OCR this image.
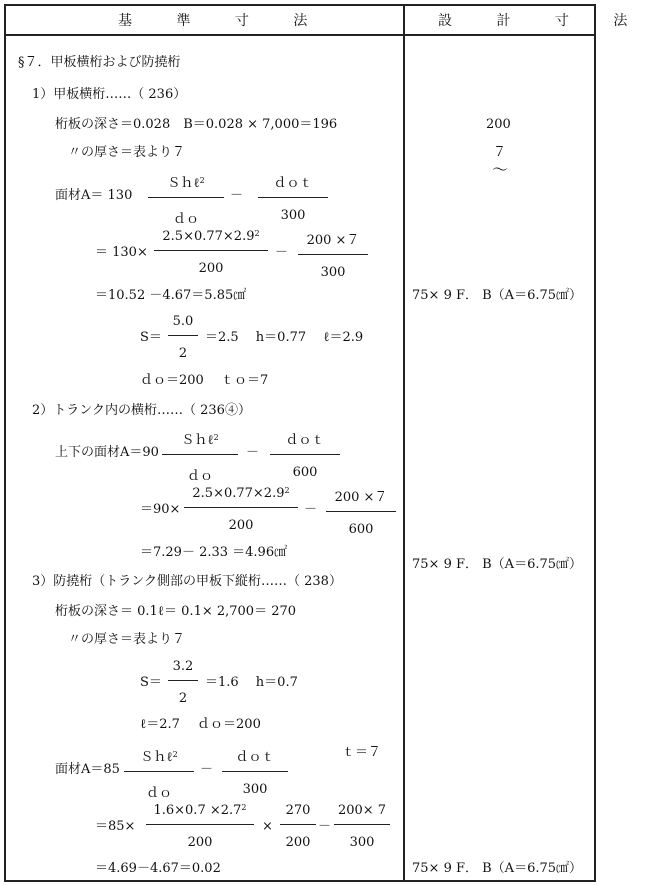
基 準 寸 法	設 計 寸 法
§７．甲板横桁および防撓桁
1）甲板横桁……（ 236）
桁板の深さ＝0.028　B＝0.028 × 7,000＝196
〃の厚さ＝表より７
面材A＝ 130
Ｓｈℓ$^2$
ｄｏ
－
ｄｏｔ
300
＝ 130×
$2.5\times 0.77\times 2.9^2$
200
－
200 ×７
300
＝10.52 －4.67＝5.85㎠
S＝
5.0
2
＝2.5　 h＝0.77　 ℓ＝2.9
ｄｏ＝200　 ｔｏ＝7
2）トランク内の横桁……（ 236④）
上下の面材A＝90
Ｓｈℓ$^2$
ｄｏ
－
ｄｏｔ
600
＝90×
$2.5\times 0.77\times 2.9^2$
200
－
200 ×７
600
＝7.29－ 2.33 ＝4.96㎠
3）防撓桁（トランク側部の甲板下縦桁……（ 238）
桁板の深さ＝ 0.1ℓ＝ 0.1× 2,700＝ 270
〃の厚さ＝表より７
S＝
3.2
2
＝1.6　 h＝0.7
ℓ＝2.7　 ｄｏ＝200
面材A＝85
Ｓｈℓ$^2$
ｄｏ
－
ｄｏｔ
300
ｔ＝７
＝85×
$1.6\times 0.7 \times 2.7^2$
200
×
270
200
－
200× 7
300
＝4.69－4.67＝0.02
200
７
～
75× 9 F． B（A＝6.75㎠）
75× 9 F． B（A＝6.75㎠）
75× 9 F． B（A＝6.75㎠）
